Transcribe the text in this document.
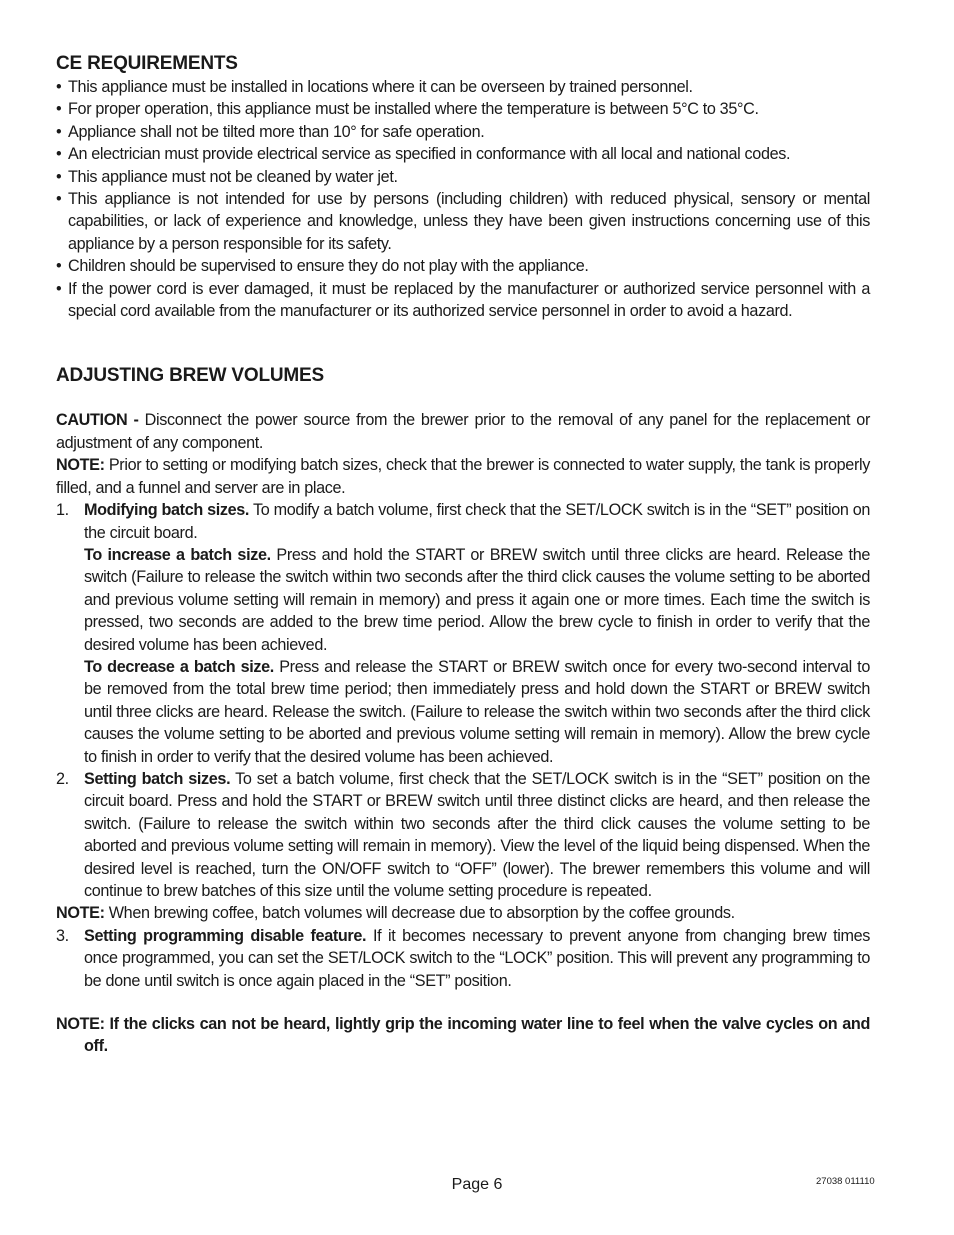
CE REQUIREMENTS
• This appliance must be installed in locations where it can be overseen by trained personnel.
• For proper operation, this appliance must be installed where the temperature is between 5°C to 35°C.
• Appliance shall not be tilted more than 10° for safe operation.
• An electrician must provide electrical service as specified in conformance with all local and national codes.
• This appliance must not be cleaned by water jet.
• This appliance is not intended for use by persons (including children) with reduced physical, sensory or mental capabilities, or lack of experience and knowledge, unless they have been given instructions concerning use of this appliance by a person responsible for its safety.
• Children should be supervised to ensure they do not play with the appliance.
• If the power cord is ever damaged, it must be replaced by the manufacturer or authorized service personnel with a special cord available from the manufacturer or its authorized service personnel in order to avoid a hazard.
ADJUSTING BREW VOLUMES

CAUTION - Disconnect the power source from the brewer prior to the removal of any panel for the replacement or adjustment of any component.

NOTE: Prior to setting or modifying batch sizes, check that the brewer is connected to water supply, the tank is properly filled, and a funnel and server are in place.

1. Modifying batch sizes. To modify a batch volume, first check that the SET/LOCK switch is in the “SET” position on the circuit board.

To increase a batch size. Press and hold the START or BREW switch until three clicks are heard. Release the switch (Failure to release the switch within two seconds after the third click causes the volume setting to be aborted and previous volume setting will remain in memory) and press it again one or more times. Each time the switch is pressed, two seconds are added to the brew time period. Allow the brew cycle to finish in order to verify that the desired volume has been achieved.

To decrease a batch size. Press and release the START or BREW switch once for every two-second interval to be removed from the total brew time period; then immediately press and hold down the START or BREW switch until three clicks are heard. Release the switch. (Failure to release the switch within two seconds after the third click causes the volume setting to be aborted and previous volume setting will remain in memory). Allow the brew cycle to finish in order to verify that the desired volume has been achieved.

2. Setting batch sizes. To set a batch volume, first check that the SET/LOCK switch is in the “SET” position on the circuit board. Press and hold the START or BREW switch until three distinct clicks are heard, and then release the switch. (Failure to release the switch within two seconds after the third click causes the volume setting to be aborted and previous volume setting will remain in memory). View the level of the liquid being dispensed. When the desired level is reached, turn the ON/OFF switch to “OFF” (lower). The brewer remembers this volume and will continue to brew batches of this size until the volume setting procedure is repeated.

NOTE: When brewing coffee, batch volumes will decrease due to absorption by the coffee grounds.

3. Setting programming disable feature. If it becomes necessary to prevent anyone from changing brew times once programmed, you can set the SET/LOCK switch to the “LOCK” position. This will prevent any programming to be done until switch is once again placed in the “SET” position.

NOTE: If the clicks can not be heard, lightly grip the incoming water line to feel when the valve cycles on and off.

Page 6	27038 011110
